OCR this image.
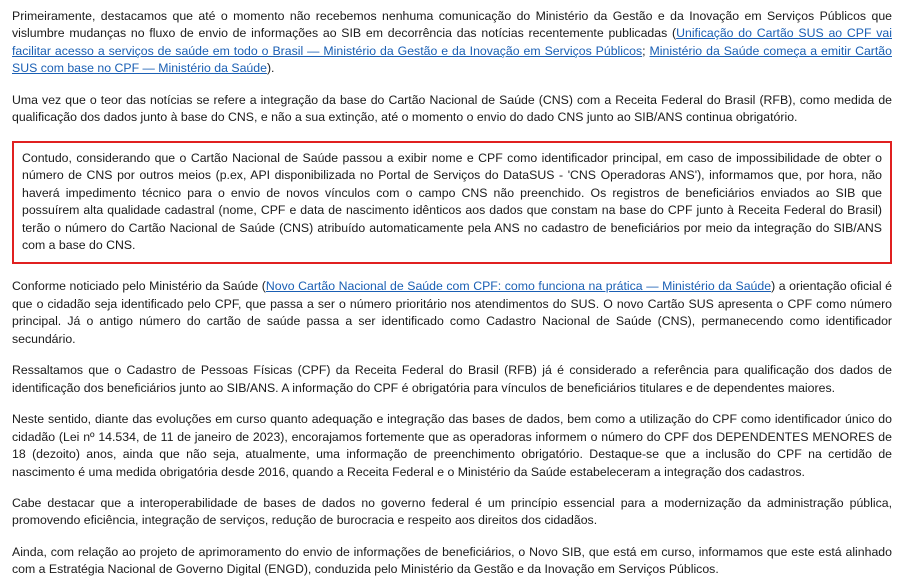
Primeiramente, destacamos que até o momento não recebemos nenhuma comunicação do Ministério da Gestão e da Inovação em Serviços Públicos que vislumbre mudanças no fluxo de envio de informações ao SIB em decorrência das notícias recentemente publicadas (Unificação do Cartão SUS ao CPF vai facilitar acesso a serviços de saúde em todo o Brasil — Ministério da Gestão e da Inovação em Serviços Públicos; Ministério da Saúde começa a emitir Cartão SUS com base no CPF — Ministério da Saúde).

Uma vez que o teor das notícias se refere a integração da base do Cartão Nacional de Saúde (CNS) com a Receita Federal do Brasil (RFB), como medida de qualificação dos dados junto à base do CNS, e não a sua extinção, até o momento o envio do dado CNS junto ao SIB/ANS continua obrigatório.

Contudo, considerando que o Cartão Nacional de Saúde passou a exibir nome e CPF como identificador principal, em caso de impossibilidade de obter o número de CNS por outros meios (p.ex, API disponibilizada no Portal de Serviços do DataSUS - 'CNS Operadoras ANS'), informamos que, por hora, não haverá impedimento técnico para o envio de novos vínculos com o campo CNS não preenchido. Os registros de beneficiários enviados ao SIB que possuírem alta qualidade cadastral (nome, CPF e data de nascimento idênticos aos dados que constam na base do CPF junto à Receita Federal do Brasil) terão o número do Cartão Nacional de Saúde (CNS) atribuído automaticamente pela ANS no cadastro de beneficiários por meio da integração do SIB/ANS com a base do CNS.

Conforme noticiado pelo Ministério da Saúde (Novo Cartão Nacional de Saúde com CPF: como funciona na prática — Ministério da Saúde) a orientação oficial é que o cidadão seja identificado pelo CPF, que passa a ser o número prioritário nos atendimentos do SUS. O novo Cartão SUS apresenta o CPF como número principal. Já o antigo número do cartão de saúde passa a ser identificado como Cadastro Nacional de Saúde (CNS), permanecendo como identificador secundário.

Ressaltamos que o Cadastro de Pessoas Físicas (CPF) da Receita Federal do Brasil (RFB) já é considerado a referência para qualificação dos dados de identificação dos beneficiários junto ao SIB/ANS. A informação do CPF é obrigatória para vínculos de beneficiários titulares e de dependentes maiores.

Neste sentido, diante das evoluções em curso quanto adequação e integração das bases de dados, bem como a utilização do CPF como identificador único do cidadão (Lei nº 14.534, de 11 de janeiro de 2023), encorajamos fortemente que as operadoras informem o número do CPF dos DEPENDENTES MENORES de 18 (dezoito) anos, ainda que não seja, atualmente, uma informação de preenchimento obrigatório. Destaque-se que a inclusão do CPF na certidão de nascimento é uma medida obrigatória desde 2016, quando a Receita Federal e o Ministério da Saúde estabeleceram a integração dos cadastros.

Cabe destacar que a interoperabilidade de bases de dados no governo federal é um princípio essencial para a modernização da administração pública, promovendo eficiência, integração de serviços, redução de burocracia e respeito aos direitos dos cidadãos.

Ainda, com relação ao projeto de aprimoramento do envio de informações de beneficiários, o Novo SIB, que está em curso, informamos que este está alinhado com a Estratégia Nacional de Governo Digital (ENGD), conduzida pelo Ministério da Gestão e da Inovação em Serviços Públicos.
